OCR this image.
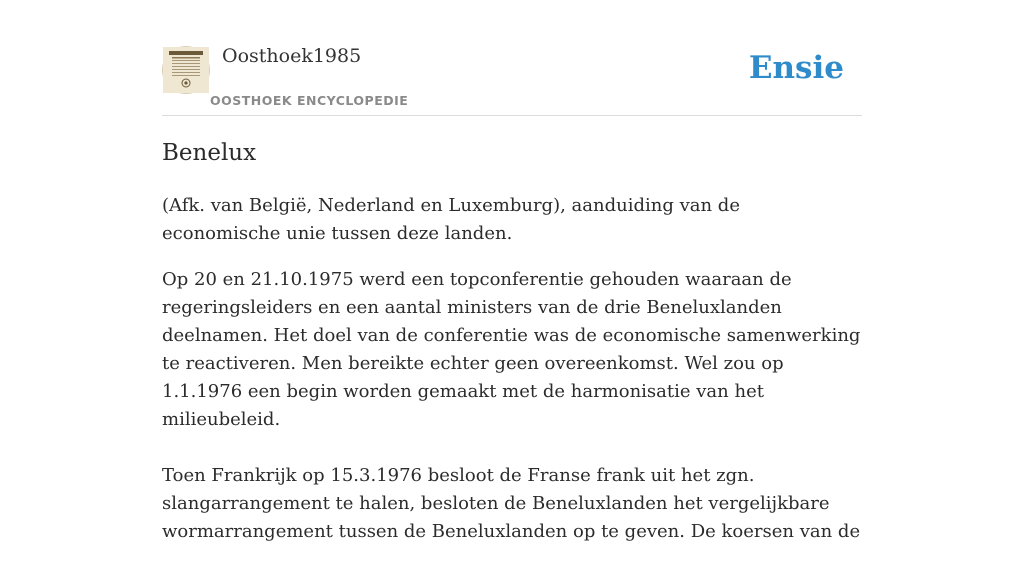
Oosthoek1985
OOSTHOEK ENCYCLOPEDIE
Ensie
Benelux

(Afk. van België, Nederland en Luxemburg), aanduiding van de economische unie tussen deze landen.

Op 20 en 21.10.1975 werd een topconferentie gehouden waaraan de regeringsleiders en een aantal ministers van de drie Beneluxlanden deelnamen. Het doel van de conferentie was de economische samenwerking te reactiveren. Men bereikte echter geen overeenkomst. Wel zou op 1.1.1976 een begin worden gemaakt met de harmonisatie van het milieubeleid.

Toen Frankrijk op 15.3.1976 besloot de Franse frank uit het zgn. slangarrangement te halen, besloten de Beneluxlanden het vergelijkbare wormarrangement tussen de Beneluxlanden op te geven. De koersen van de
